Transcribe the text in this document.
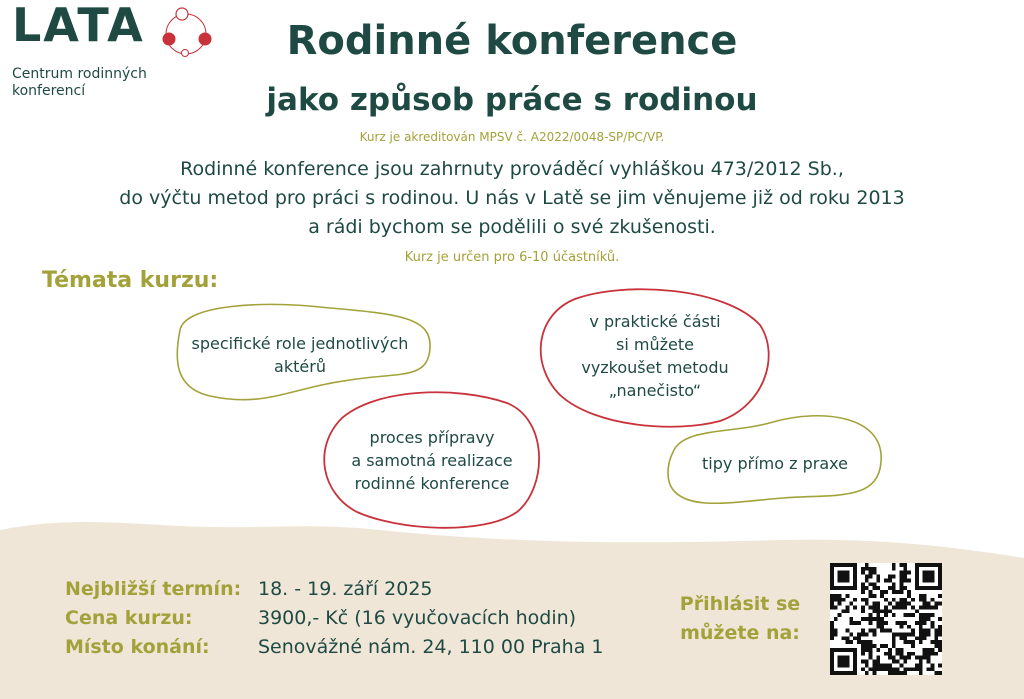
LATA
Centrum rodinných
konferencí
Rodinné konference
jako způsob práce s rodinou
Kurz je akreditován MPSV č. A2022/0048-SP/PC/VP.
Rodinné konference jsou zahrnuty prováděcí vyhláškou 473/2012 Sb.,
do výčtu metod pro práci s rodinou. U nás v Latě se jim věnujeme již od roku 2013
a rádi bychom se podělili o své zkušenosti.
Kurz je určen pro 6-10 účastníků.
Témata kurzu:
specifické role jednotlivých
aktérů
v praktické části
si můžete
vyzkoušet metodu
„nanečisto“
proces přípravy
a samotná realizace
rodinné konference
tipy přímo z praxe
Nejbližší termín: 18. - 19. září 2025
Cena kurzu:	3900,- Kč (16 vyučovacích hodin)
Místo konání:	Senovážné nám. 24, 110 00 Praha 1
Přihlásit se
můžete na:
